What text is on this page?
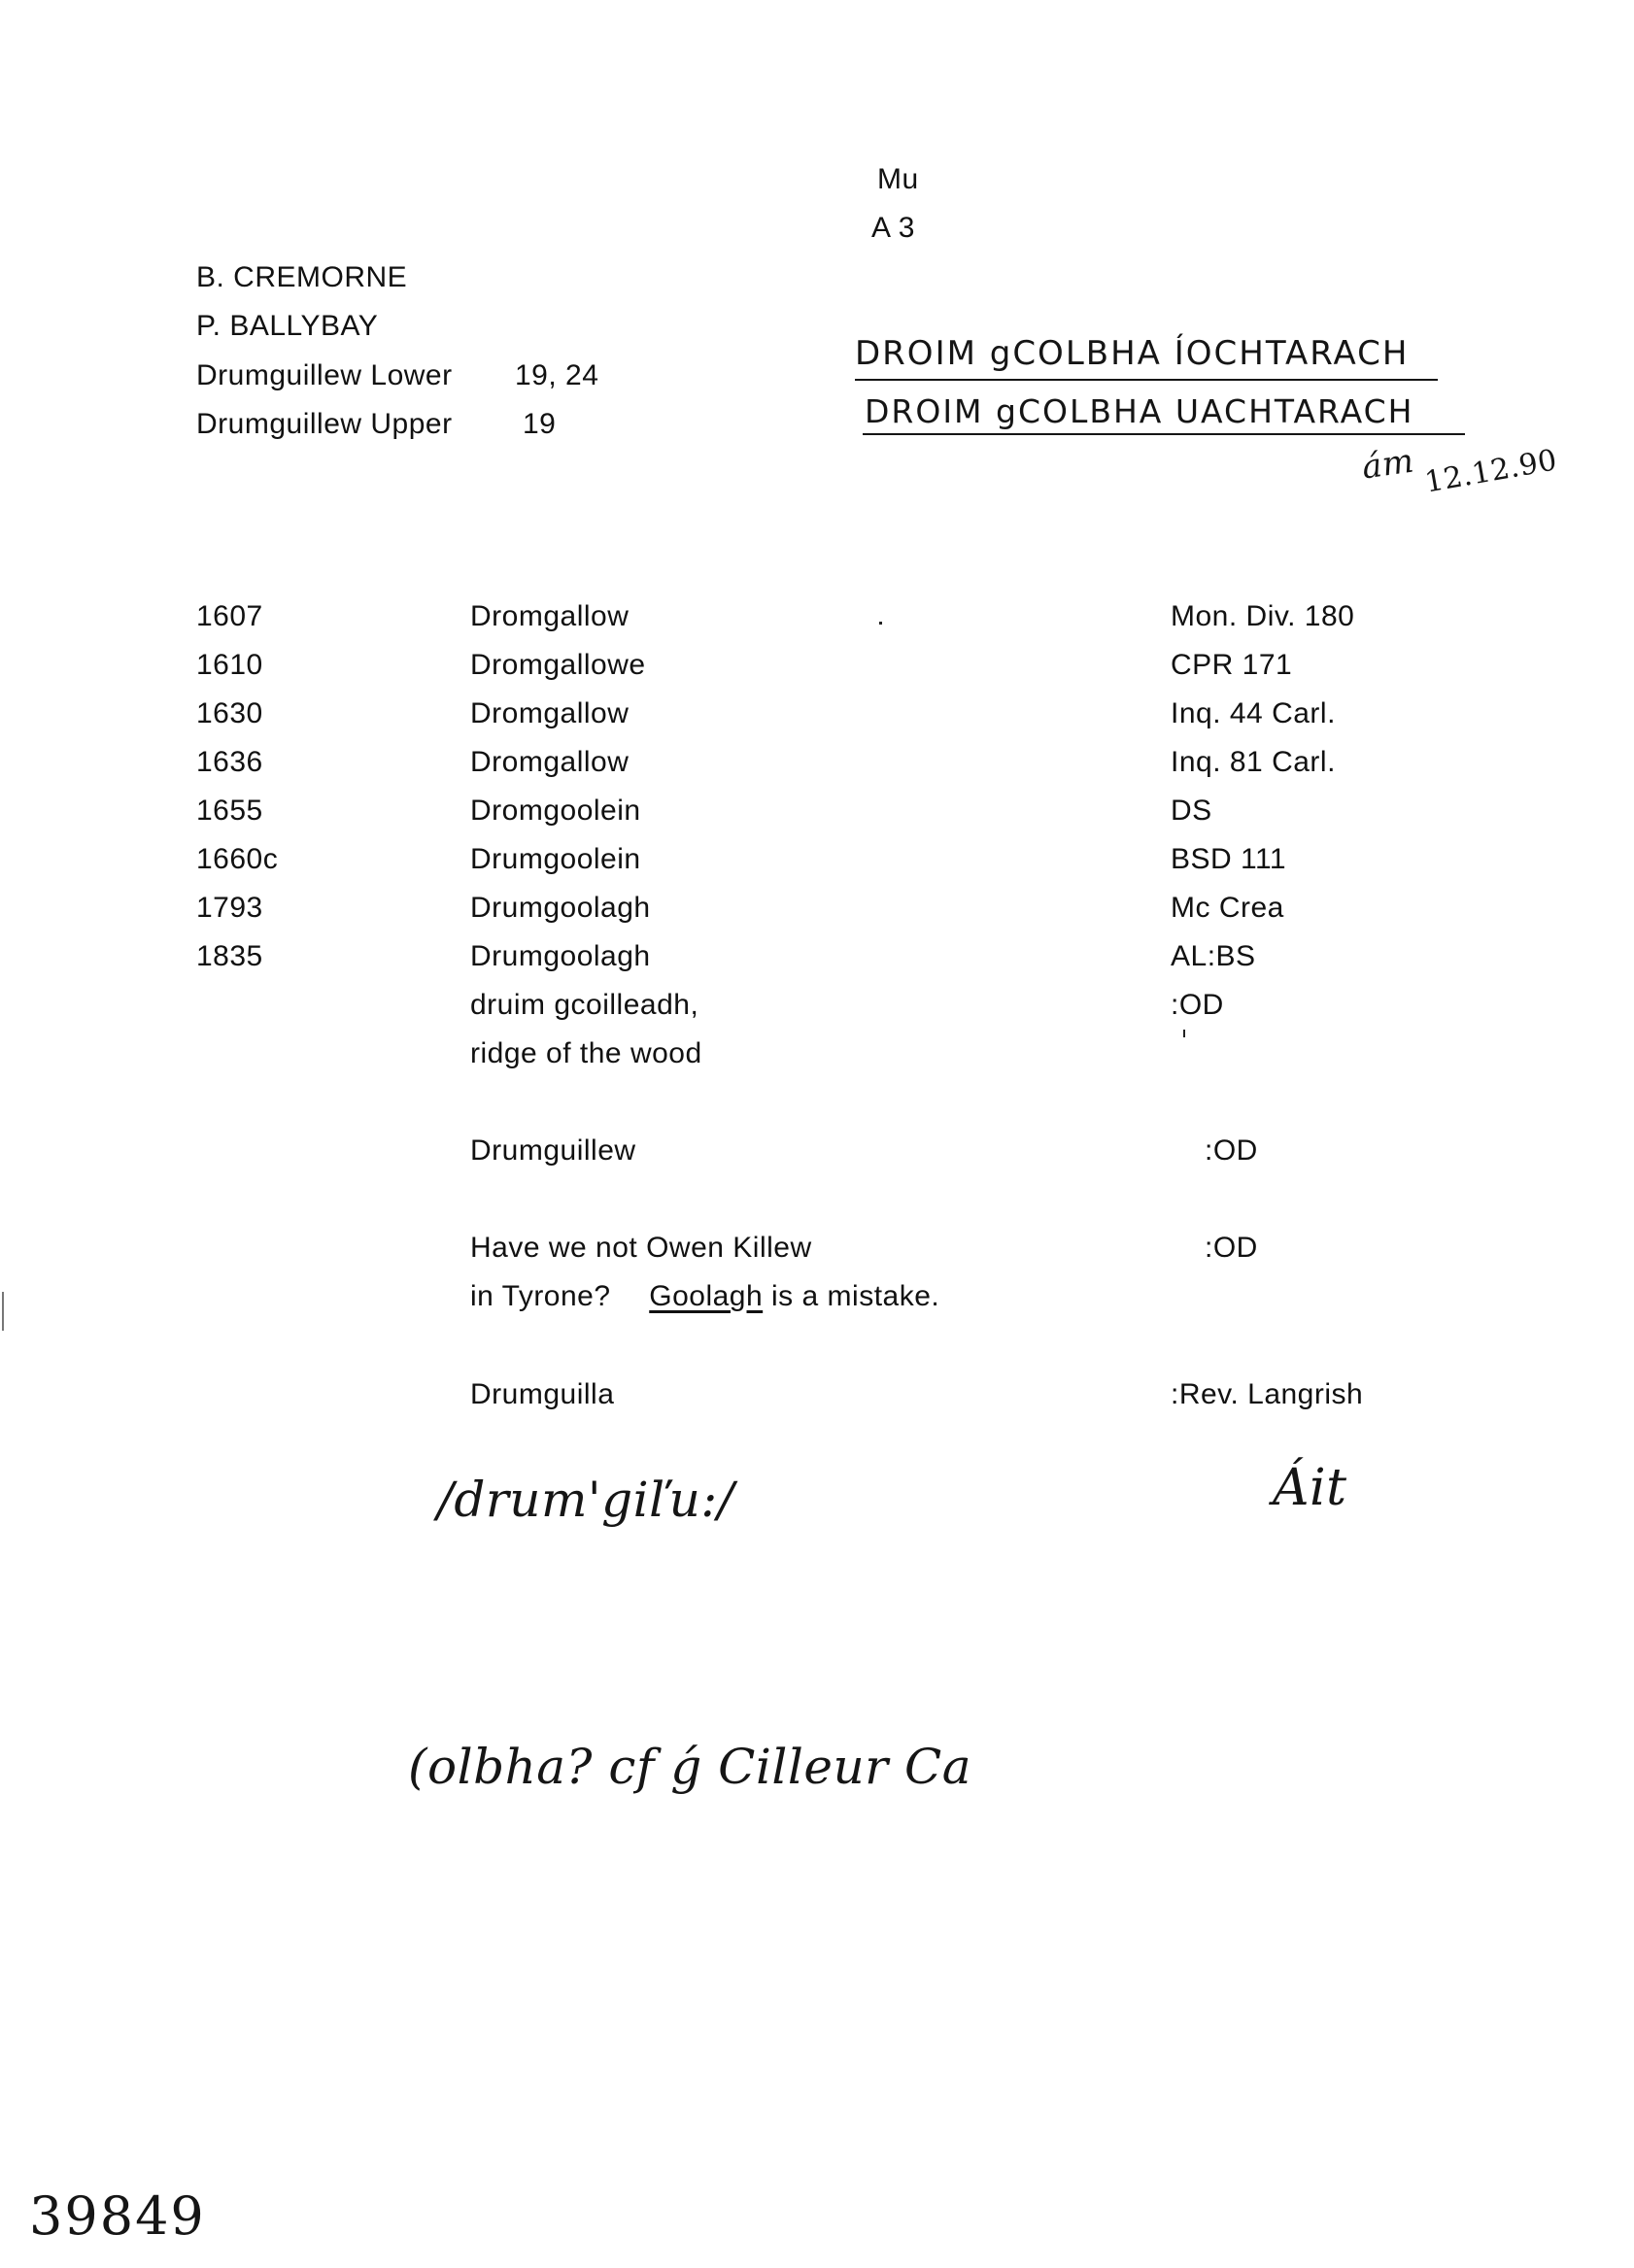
Mu
A 3
B. CREMORNE
P. BALLYBAY
Drumguillew Lower 19, 24
Drumguillew Upper 19
DROIM gCOLBHA ÍOCHTARACH
DROIM gCOLBHA UACHTARACH
ám 12.12.90
1607	Dromgallow	Mon. Div. 180
1610	Dromgallowe	CPR 171
1630	Dromgallow	Inq. 44 Carl.
1636	Dromgallow	Inq. 81 Carl.
1655	Dromgoolein	DS
1660c	Drumgoolein	BSD 111
1793	Drumgoolagh	Mc Crea
1835	Drumgoolagh	AL:BS
druim gcoilleadh,	:OD
ridge of the wood
Drumguillew	:OD
Have we not Owen Killew	:OD
in Tyrone? Goolagh is a mistake.
Drumguilla	:Rev. Langrish
/drum'giľu:/	Áit
(olbha? cf ǵ Cilleur Ca
39849
